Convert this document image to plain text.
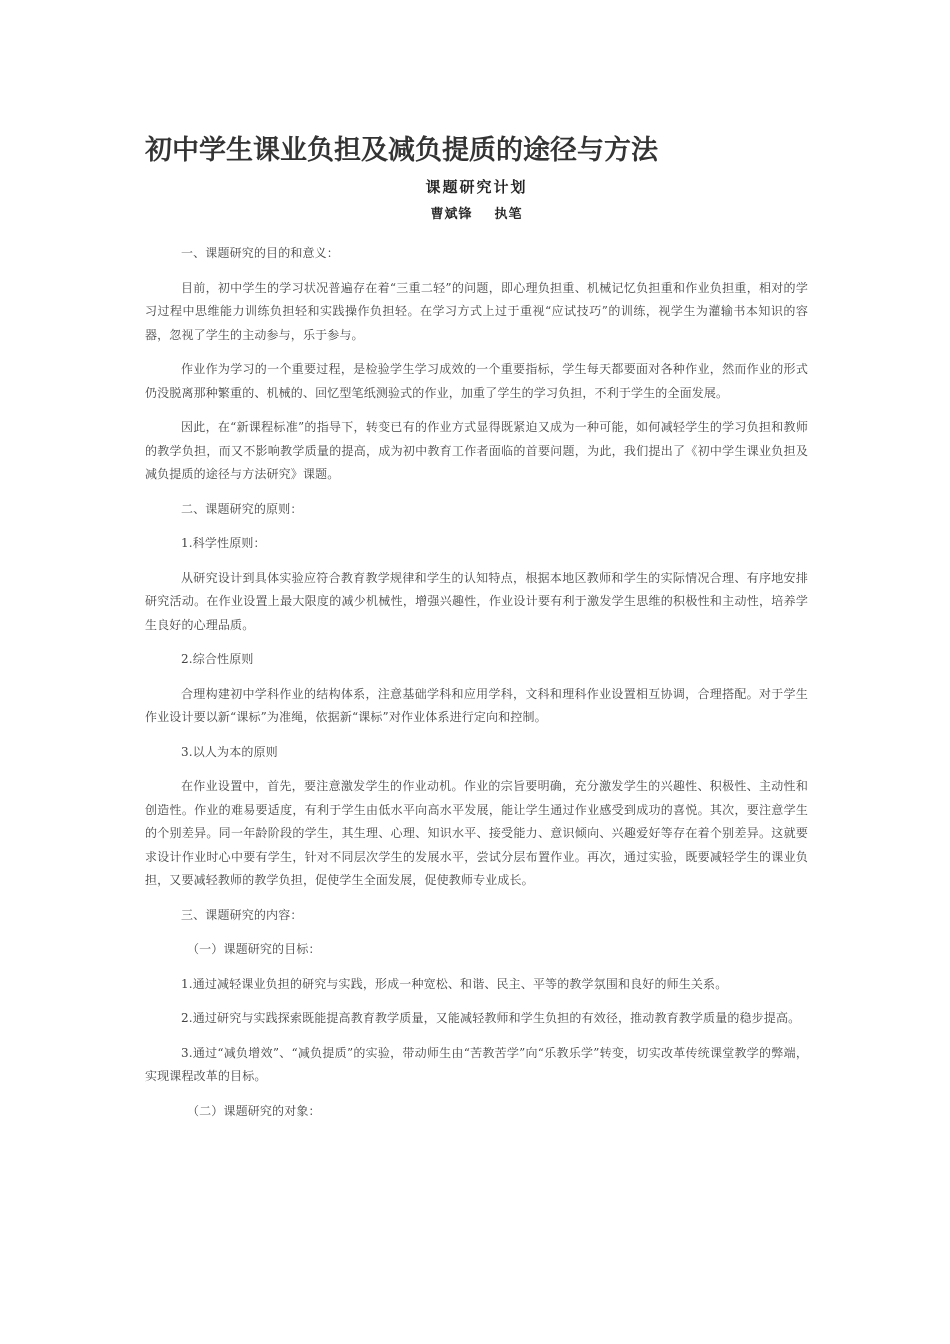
初中学生课业负担及减负提质的途径与方法

课题研究计划

曹斌锋 执笔

一、课题研究的目的和意义：

目前，初中学生的学习状况普遍存在着“三重二轻”的问题，即心理负担重、机械记忆负担重和作业负担重，相对的学习过程中思维能力训练负担轻和实践操作负担轻。在学习方式上过于重视“应试技巧”的训练，视学生为灌输书本知识的容器，忽视了学生的主动参与，乐于参与。

作业作为学习的一个重要过程，是检验学生学习成效的一个重要指标，学生每天都要面对各种作业，然而作业的形式仍没脱离那种繁重的、机械的、回忆型笔纸测验式的作业，加重了学生的学习负担，不利于学生的全面发展。

因此，在“新课程标准”的指导下，转变已有的作业方式显得既紧迫又成为一种可能，如何减轻学生的学习负担和教师的教学负担，而又不影响教学质量的提高，成为初中教育工作者面临的首要问题，为此，我们提出了《初中学生课业负担及减负提质的途径与方法研究》课题。

二、课题研究的原则：

1.科学性原则：

从研究设计到具体实验应符合教育教学规律和学生的认知特点，根据本地区教师和学生的实际情况合理、有序地安排研究活动。在作业设置上最大限度的减少机械性，增强兴趣性，作业设计要有利于激发学生思维的积极性和主动性，培养学生良好的心理品质。

2.综合性原则

合理构建初中学科作业的结构体系，注意基础学科和应用学科，文科和理科作业设置相互协调，合理搭配。对于学生作业设计要以新“课标”为准绳，依据新“课标”对作业体系进行定向和控制。

3.以人为本的原则

在作业设置中，首先，要注意激发学生的作业动机。作业的宗旨要明确，充分激发学生的兴趣性、积极性、主动性和创造性。作业的难易要适度，有利于学生由低水平向高水平发展，能让学生通过作业感受到成功的喜悦。其次，要注意学生的个别差异。同一年龄阶段的学生，其生理、心理、知识水平、接受能力、意识倾向、兴趣爱好等存在着个别差异。这就要求设计作业时心中要有学生，针对不同层次学生的发展水平，尝试分层布置作业。再次，通过实验，既要减轻学生的课业负担，又要减轻教师的教学负担，促使学生全面发展，促使教师专业成长。

三、课题研究的内容：

（一）课题研究的目标：

1.通过减轻课业负担的研究与实践，形成一种宽松、和谐、民主、平等的教学氛围和良好的师生关系。

2.通过研究与实践探索既能提高教育教学质量，又能减轻教师和学生负担的有效径，推动教育教学质量的稳步提高。

3.通过“减负增效”、“减负提质”的实验，带动师生由“苦教苦学”向“乐教乐学”转变，切实改革传统课堂教学的弊端，实现课程改革的目标。

（二）课题研究的对象：
